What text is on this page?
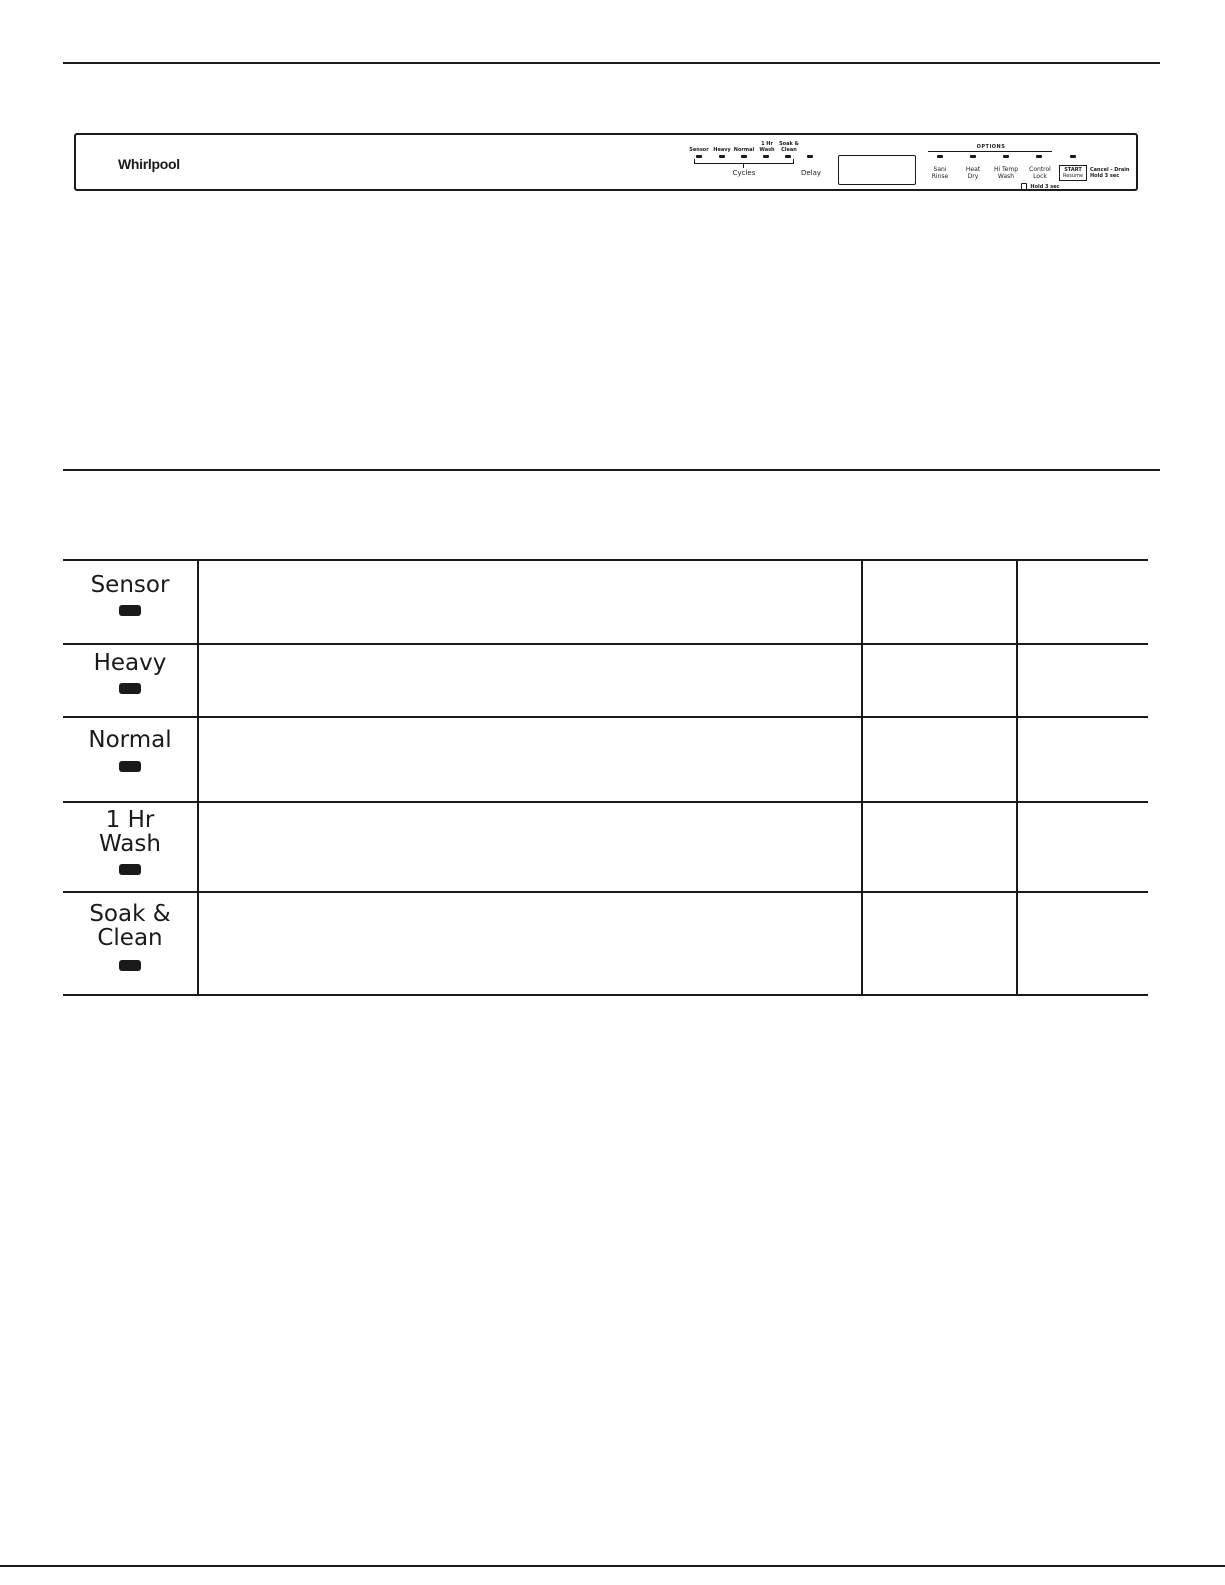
Whirlpool
Sensor Heavy Normal
1 Hr
Wash
Soak &
Clean
Cycles	Delay
OPTIONS
Sani
Rinse
Heat
Dry
Hi Temp
Wash
Control
Lock
Hold 3 sec
START
Resume
Cancel - Drain
Hold 3 sec
Sensor			

Heavy			

Normal			

1 Hr
Wash			

Soak &
Clean			
